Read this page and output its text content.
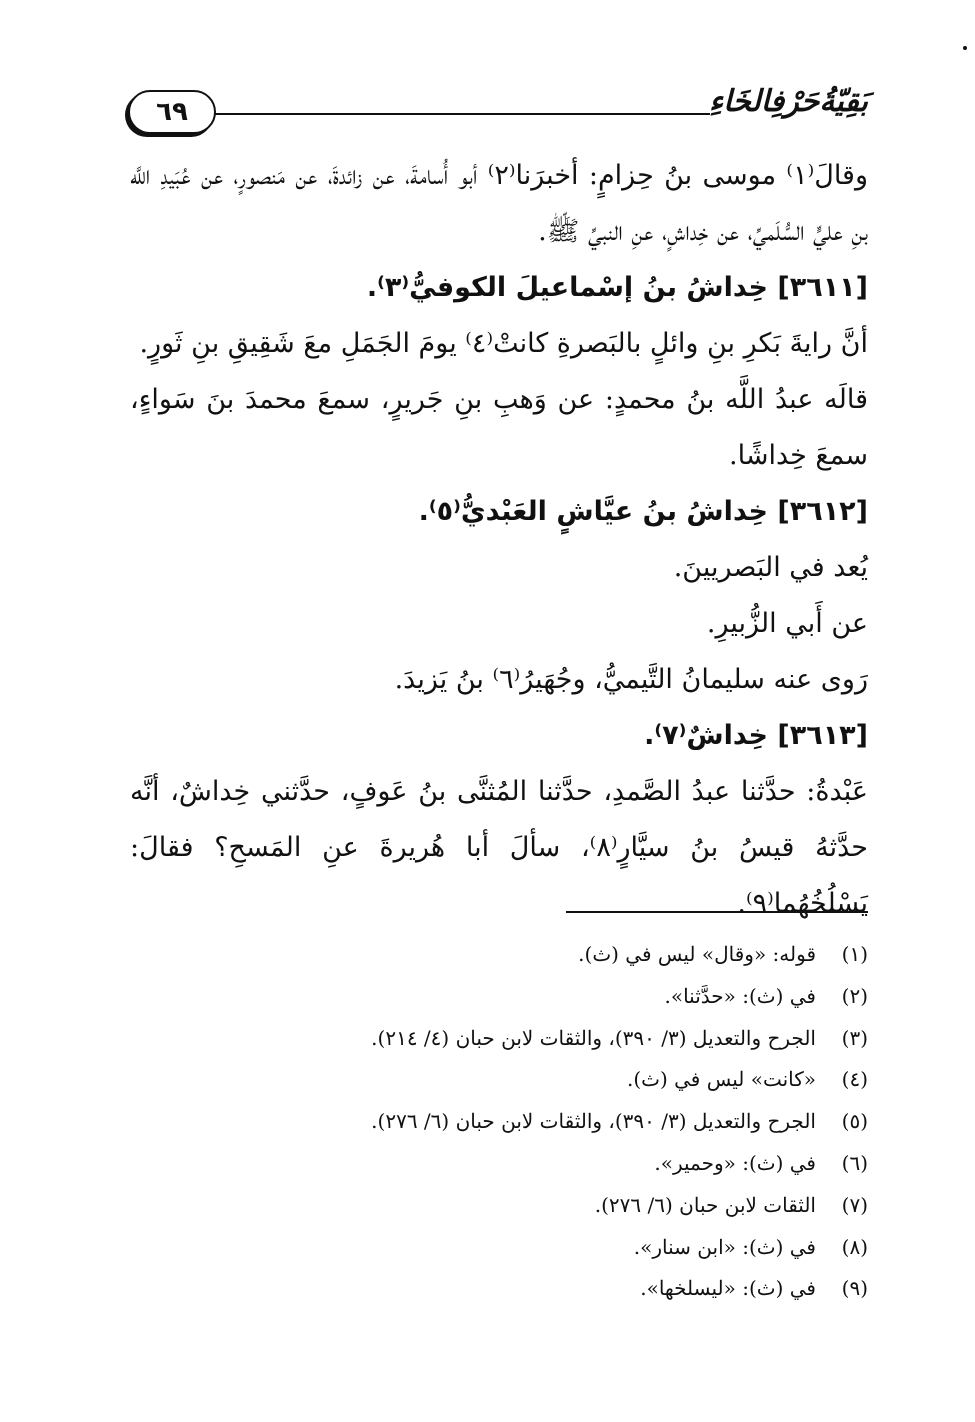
بَقِيّةُحَرْفِالخَاءِ
٦٩

وقالَ⁽١⁾ موسى بنُ حِزامٍ: أخبرَنا⁽٢⁾ أبو أُسامةَ، عن زائدةَ، عن مَنصورٍ، عن عُبَيدِ اللَّه بنِ عليٍّ السُّلَميِّ، عن خِداشٍ، عنِ النبيِّ ﷺ.

[٣٦١١] خِداشُ بنُ إسْماعيلَ الكوفيُّ⁽٣⁾.

أنَّ رايةَ بَكرِ بنِ وائلٍ بالبَصرةِ كانتْ⁽٤⁾ يومَ الجَمَلِ معَ شَقِيقِ بنِ ثَورٍ.

قالَه عبدُ اللَّه بنُ محمدٍ: عن وَهبِ بنِ جَريرٍ، سمعَ محمدَ بنَ سَواءٍ، سمعَ خِداشًا.

[٣٦١٢] خِداشُ بنُ عيَّاشٍ العَبْديُّ⁽٥⁾.

يُعد في البَصريينَ.

عن أَبي الزُّبيرِ.

رَوى عنه سليمانُ التَّيميُّ، وجُهَيرُ⁽٦⁾ بنُ يَزيدَ.

[٣٦١٣] خِداشٌ⁽٧⁾.

عَبْدةُ: حدَّثنا عبدُ الصَّمدِ، حدَّثنا المُثنَّى بنُ عَوفٍ، حدَّثني خِداشٌ، أنَّه حدَّثهُ قيسُ بنُ سيَّارٍ⁽٨⁾، سألَ أبا هُريرةَ عنِ المَسحِ؟ فقالَ: يَسْلُخُهُما⁽٩⁾.

(١)قوله: «وقال» ليس في (ث).

(٢)في (ث): «حدَّثنا».

(٣)الجرح والتعديل (٣/ ٣٩٠)، والثقات لابن حبان (٤/ ٢١٤).

(٤)«كانت» ليس في (ث).

(٥)الجرح والتعديل (٣/ ٣٩٠)، والثقات لابن حبان (٦/ ٢٧٦).

(٦)في (ث): «وحمير».

(٧)الثقات لابن حبان (٦/ ٢٧٦).

(٨)في (ث): «ابن سنار».

(٩)في (ث): «ليسلخها».
